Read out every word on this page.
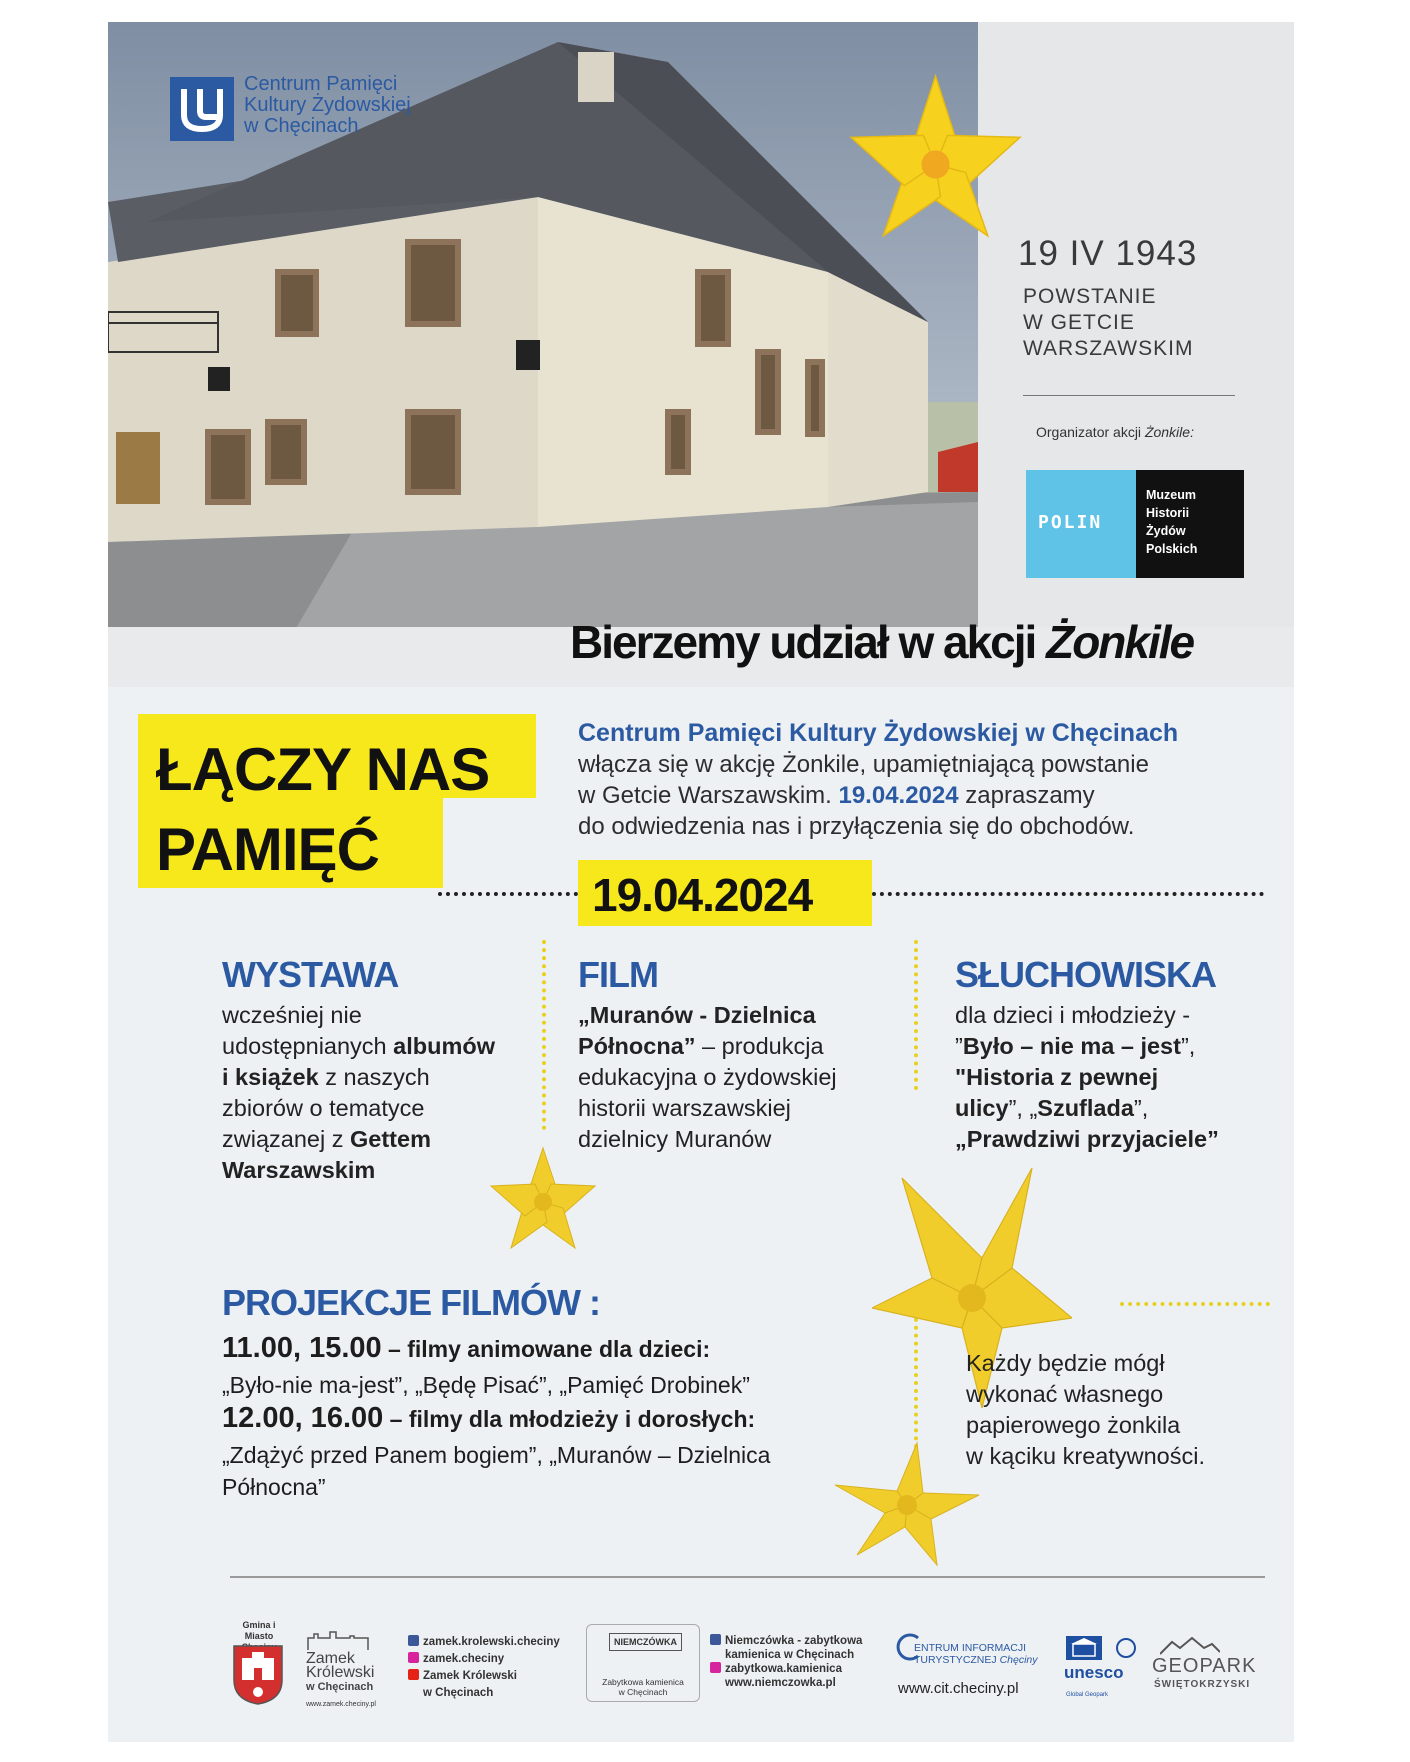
Centrum Pamięci
Kultury Żydowskiej
w Chęcinach
19 IV 1943
POWSTANIE
W GETCIE
WARSZAWSKIM
Organizator akcji Żonkile:
POLIN
Muzeum
Historii
Żydów
Polskich
Bierzemy udział w akcji Żonkile
ŁĄCZY NAS
PAMIĘĆ
Centrum Pamięci Kultury Żydowskiej w Chęcinach
włącza się w akcję Żonkile, upamiętniającą powstanie
w Getcie Warszawskim. 19.04.2024 zapraszamy
do odwiedzenia nas i przyłączenia się do obchodów.
19.04.2024
WYSTAWA
wcześniej nie
udostępnianych albumów
i książek z naszych
zbiorów o tematyce
związanej z Gettem
Warszawskim
FILM
„Muranów - Dzielnica
Północna” – produkcja
edukacyjna o żydowskiej
historii warszawskiej
dzielnicy Muranów
SŁUCHOWISKA
dla dzieci i młodzieży -
”Było – nie ma – jest”,
"Historia z pewnej
ulicy”, „Szuflada”,
„Prawdziwi przyjaciele”
PROJEKCJE FILMÓW :
11.00, 15.00 – filmy animowane dla dzieci:
„Było-nie ma-jest”, „Będę Pisać”, „Pamięć Drobinek”
12.00, 16.00 – filmy dla młodzieży i dorosłych:
„Zdążyć przed Panem bogiem”, „Muranów – Dzielnica
Północna”
Każdy będzie mógł
wykonać własnego
papierowego żonkila
w kąciku kreatywności.
Gmina i Miasto
Zamek
Królewski
w Chęcinach
www.zamek.checiny.pl
zamek.krolewski.checiny
zamek.checiny
Zamek Królewski
w Chęcinach
NIEMCZÓWKA
Zabytkowa kamienica
w Chęcinach
Niemczówka - zabytkowa
kamienica w Chęcinach
zabytkowa.kamienica
www.niemczowka.pl
ENTRUM INFORMACJI
TURYSTYCZNEJ Chęciny
www.cit.checiny.pl
unesco
Global Geopark
GEOPARK
ŚWIĘTOKRZYSKI
